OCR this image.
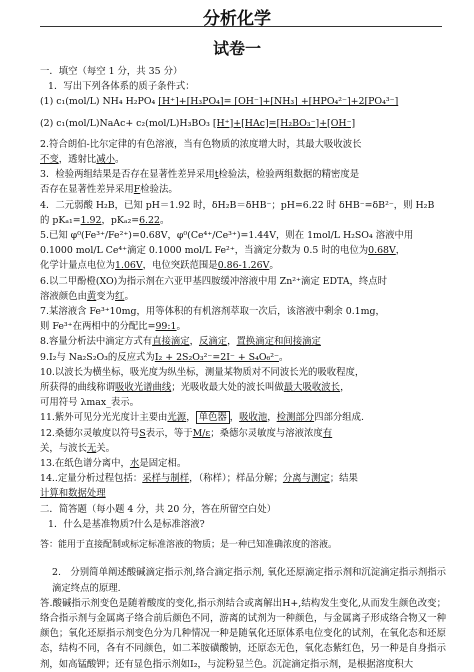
分析化学
试卷一
一．填空（每空 1 分，共 35 分）
1．写出下列各体系的质子条件式：
(1) c₁(mol/L) NH₄ H₂PO₄ [H⁺]+[H₃PO₄]= [OH⁻]+[NH₃] +[HPO₄²⁻]+2[PO₄³⁻]
(2) c₁(mol/L)NaAc+ c₂(mol/L)H₃BO₃ [H⁺]+[HAc]=[H₂BO₃⁻]+[OH⁻]
2.符合朗伯-比尔定律的有色溶液，当有色物质的浓度增大时，其最大吸收波长
不变，透射比减小。
3．检验两组结果是否存在显著性差异采用t检验法，检验两组数据的精密度是
否存在显著性差异采用F检验法。
4．二元弱酸 H₂B，已知 pH＝1.92 时，δH₂B＝δHB⁻；pH=6.22 时 δHB⁻=δB²⁻，则 H₂B
的 pKₐ₁=1.92，pKₐ₂=6.22。
5.已知 φ⁰(Fe³⁺/Fe²⁺)=0.68V，φ⁰(Ce⁴⁺/Ce³⁺)=1.44V，则在 1mol/L H₂SO₄ 溶液中用
0.1000 mol/L Ce⁴⁺滴定 0.1000 mol/L Fe²⁺，当滴定分数为 0.5 时的电位为0.68V，
化学计量点电位为1.06V，电位突跃范围是0.86-1.26V。
6.以二甲酚橙(XO)为指示剂在六亚甲基四胺缓冲溶液中用 Zn²⁺滴定 EDTA，终点时
溶液颜色由黄变为红。
7.某溶液含 Fe³⁺10mg，用等体积的有机溶剂萃取一次后，该溶液中剩余 0.1mg，
则 Fe³⁺在两相中的分配比=99:1。
8.容量分析法中滴定方式有直接滴定，反滴定，置换滴定和间接滴定
9.I₂与 Na₂S₂O₃的反应式为I₂ + 2S₂O₃²⁻=2I⁻ + S₄O₆²⁻。
10.以波长为横坐标，吸光度为纵坐标，测量某物质对不同波长光的吸收程度，
所获得的曲线称谓吸收光谱曲线；光吸收最大处的波长叫做最大吸收波长，
可用符号 λmax_表示。
11.紫外可见分光光度计主要由光源， 单色器 ，吸收池，检测部分四部分组成.
12.桑德尔灵敏度以符号S表示，等于M/ε；桑德尔灵敏度与溶液浓度有
关，与波长无关。
13.在纸色谱分离中，水是固定相。
14..定量分析过程包括：采样与制样，（称样）；样品分解；分离与测定；结果
计算和数据处理
二．简答题（每小题 4 分，共 20 分，答在所留空白处）
1．什么是基准物质?什么是标准溶液?
答：能用于直接配制或标定标准溶液的物质；是一种已知准确浓度的溶液。
2.　分别简单阐述酸碱滴定指示剂,络合滴定指示剂, 氧化还原滴定指示剂和沉淀滴定指示剂指示滴定终点的原理.
答.酸碱指示剂变色是随着酸度的变化,指示剂结合或离解出H+,结构发生变化,从而发生颜色改变；络合指示剂与金属离子络合前后颜色不同，游离的试剂为一种颜色，与金属离子形成络合物又一种颜色；氧化还原指示剂变色分为几种情况一种是随氧化还原体系电位变化的试剂，在氧化态和还原态，结构不同，各有不同颜色，如二苯胺磺酸钠，还原态无色，氧化态紫红色，另一种是自身指示剂，如高锰酸钾；还有显色指示剂如I₂，与淀粉显兰色。沉淀滴定指示剂，是根据溶度积大
